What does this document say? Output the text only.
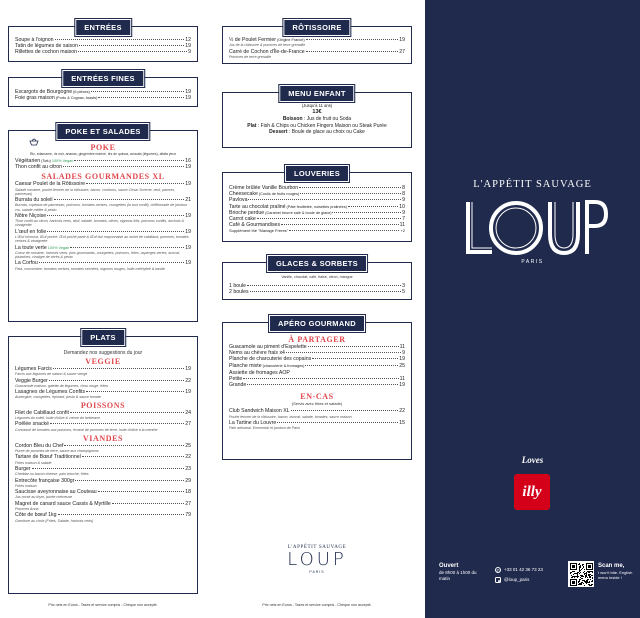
ENTRÉES
Soupe à l'oignon	12
Tatin de légumes de saison	19
Rillettes de cochon maison	9
ENTRÉES FINES
Escargots de Bourgogne (6 pièces)	19
Foie gras maison (Porto & Cognac, toasts)	19
POKE ET SALADES
POKE
Riz, edamame, riz noir, ananas, gingembre mariné, tirs de quinoa, avocats (légumes), alfafa yeux
Végétarien (Tofu) 100% Vegan	16
Thon confit au citron	19
SALADES GOURMANDES XL
Caesar Poulet de la Rôtissoire	19
Salade romaine, poulet fermier de la rôtissoire, bacon, croûtons, sauce César Scrème, œuf, parmes, parmesan)
Burrata du soleil	21
Burrata, copeaux de parmesan, poivrons, tomates cerises, courgettes (la tout confit), chiffonnade de jambon cru, salade mêlée & pesto
Nôtre Niçoise	19
Thon confit au citron, haricots verts, œuf, salade, tomates, olives, oignons frits, poivrons confits, anchois & vinaigrette
L'œuf en folie	19
L'Œuf mimosa, Œuf poché, Œuf poché pané & Œuf dur mayonnaise au mulet de cabillaud, pommes, tomates cerises & vinaigrette
La toute verte 100% Vegan	19
Coeur de romaine, haricots verts, pois gourmands, courgettes, poivrons, frites, asperges vertes, avocat, pistaches, vinaigre de xérès & pesto
La Corfou	19
Feta, concombre, tomates cerises, tomates séchées, oignons rouges, huile méthyllée & basilic
PLATS
Demandez nos suggestions du jour
VEGGIE
Légumes Farcis	19
Farcis aux légumes de saison & sauce vierge
Veggie Burger	22
Guacamole maison, galette de légumes, chou rouge, frites
Lasagnes de Légumes Confits	19
Aubergine, courgettes, épinard, pesto & sauce tomate
POISSONS
Filet de Cabillaud confit	24
Légumes du soleil, huile d'olive & crème de betterave
Poêlée snacké	27
Concassé de tomates aux poivrons, écrasé de pommes de terre, huile d'olive à la menthe
VIANDES
Cordon Bleu du Chef	25
Purée de pommes de terre, sauce aux champignons
Tartare de Bœuf Traditionnel	22
Frites maison & salade
Burger	23
Cheddar ou bacon cheese, pain brioché, frites
Entrecôte française 300gr	29
Frites maison
Saucisse aveyronnaise au Couteau	18
Jus corsé au thym, purée crémeuse
Magret de canard sauce Cassis & Myrtille	27
Pommes Anna
Côte de bœuf 1kg	79
Garniture au choix (Frites, Salade, haricots verts)
Prix nets en Euros - Taxes et service compris - Chèque non accepté.
RÔTISSOIRE
½ de Poulet Fermier (Origine France)	19
Jus de la rôtissoire & pommes de terre grenaille
Carré de Cochon d'Île-de-France	27
Pommes de terre grenaille
MENU ENFANT
(Jusqu'à 11 ans)
13€
Boisson : Jus de fruit ou Soda
Plat : Fish & Chips ou Chicken Fingers Maison ou Steak Purée
Dessert : Boule de glace au choix ou Cake
LOUVERIES
Crème brûlée Vanille Bourbon	8
Cheesecake (Coulis de fruits rouges)	8
Pavlova	9
Tarte au chocolat praliné (Pâte feuilletée, noisettes pralinées)	10
Brioche perdue (Caramel beurre salé & boule de glace)	9
Carrot cake	7
Café & Gourmandises	11
Supplément thé "Mariage Frères"	+2
GLACES & SORBETS
Vanille, chocolat, café, fraise, citron, mangue
1 boule	3
2 boules	5
APÉRO GOURMAND
À PARTAGER
Guacamole au piment d'Espelette	11
Nems au chèvre frais x4	9
Planche de charcuterie des copains	19
Planche mixte (charcuterie & fromages)	25
Assiette de fromages AOP
Petite	11
Grande	19
EN-CAS
(Servis avec frites et salade)
Club Sandwich Maison XL	22
Poulet fermier de la rôtissoire, bacon, avocat, salade, tomates, sauce maison
La Tartine du Louvre	15
Pain artisanal, Emmental et jambon de Paris
L'APPÉTIT SAUVAGE
LOUP
PARIS
Prix nets en Euros - Taxes et service compris - Chèque non accepté.
L'APPÉTIT SAUVAGE
PARIS
Loves
illy
Ouvert
de 8h00 à 1h00 du matin
✆ +33 01 42 36 73 23
@loup_paris
Scan me,
I won't bite. English menu inside !
